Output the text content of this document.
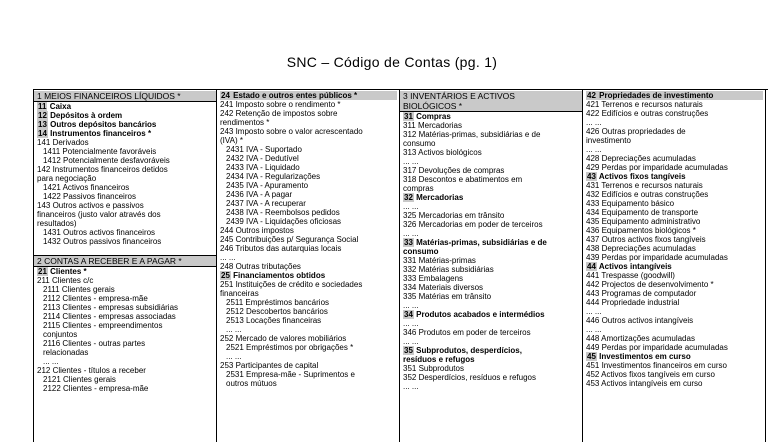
SNC – Código de Contas (pg. 1)
1 MEIOS FINANCEIROS LÍQUIDOS *
11 Caixa
12 Depósitos à ordem
13 Outros depósitos bancários
14 Instrumentos financeiros *
141 Derivados
1411 Potencialmente favoráveis
1412 Potencialmente desfavoráveis
142 Instrumentos financeiros detidos
para negociação
1421 Activos financeiros
1422 Passivos financeiros
143 Outros activos e passivos
financeiros (justo valor através dos
resultados)
1431 Outros activos financeiros
1432 Outros passivos financeiros
2 CONTAS A RECEBER E A PAGAR *
21 Clientes *
211 Clientes c/c
2111 Clientes gerais
2112 Clientes - empresa-mãe
2113 Clientes - empresas subsidiárias
2114 Clientes - empresas associadas
2115 Clientes - empreendimentos
conjuntos
2116 Clientes - outras partes
relacionadas
... ...
212 Clientes - títulos a receber
2121 Clientes gerais
2122 Clientes - empresa-mãe
24 Estado e outros entes públicos *
241 Imposto sobre o rendimento *
242 Retenção de impostos sobre
rendimentos *
243 Imposto sobre o valor acrescentado
(IVA) *
2431 IVA - Suportado
2432 IVA - Dedutível
2433 IVA - Liquidado
2434 IVA - Regularizações
2435 IVA - Apuramento
2436 IVA - A pagar
2437 IVA - A recuperar
2438 IVA - Reembolsos pedidos
2439 IVA - Liquidações oficiosas
244 Outros impostos
245 Contribuições p/ Segurança Social
246 Tributos das autarquias locais
... ...
248 Outras tributações
25 Financiamentos obtidos
251 Instituições de crédito e sociedades
financeiras
2511 Empréstimos bancários
2512 Descobertos bancários
2513 Locações financeiras
... ...
252 Mercado de valores mobiliários
2521 Empréstimos por obrigações *
... ...
253 Participantes de capital
2531 Empresa-mãe - Suprimentos e
outros mútuos
3 INVENTÁRIOS E ACTIVOS
BIOLÓGICOS *
31 Compras
311 Mercadorias
312 Matérias-primas, subsidiárias e de
consumo
313 Activos biológicos
... ...
317 Devoluções de compras
318 Descontos e abatimentos em
compras
32 Mercadorias
... ...
325 Mercadorias em trânsito
326 Mercadorias em poder de terceiros
... ...
33 Matérias-primas, subsidiárias e de
consumo
331 Matérias-primas
332 Matérias subsidiárias
333 Embalagens
334 Materiais diversos
335 Matérias em trânsito
... ...
34 Produtos acabados e intermédios
... ...
346 Produtos em poder de terceiros
... ...
35 Subprodutos, desperdícios,
resíduos e refugos
351 Subprodutos
352 Desperdícios, resíduos e refugos
... ...
42 Propriedades de investimento
421 Terrenos e recursos naturais
422 Edifícios e outras construções
... ...
426 Outras propriedades de
investimento
... ...
428 Depreciações acumuladas
429 Perdas por imparidade acumuladas
43 Activos fixos tangíveis
431 Terrenos e recursos naturais
432 Edifícios e outras construções
433 Equipamento básico
434 Equipamento de transporte
435 Equipamento administrativo
436 Equipamentos biológicos *
437 Outros activos fixos tangíveis
438 Depreciações acumuladas
439 Perdas por imparidade acumuladas
44 Activos intangíveis
441 Trespasse (goodwill)
442 Projectos de desenvolvimento *
443 Programas de computador
444 Propriedade industrial
... ...
446 Outros activos intangíveis
... ...
448 Amortizações acumuladas
449 Perdas por imparidade acumuladas
45 Investimentos em curso
451 Investimentos financeiros em curso
452 Activos fixos tangíveis em curso
453 Activos intangíveis em curso
